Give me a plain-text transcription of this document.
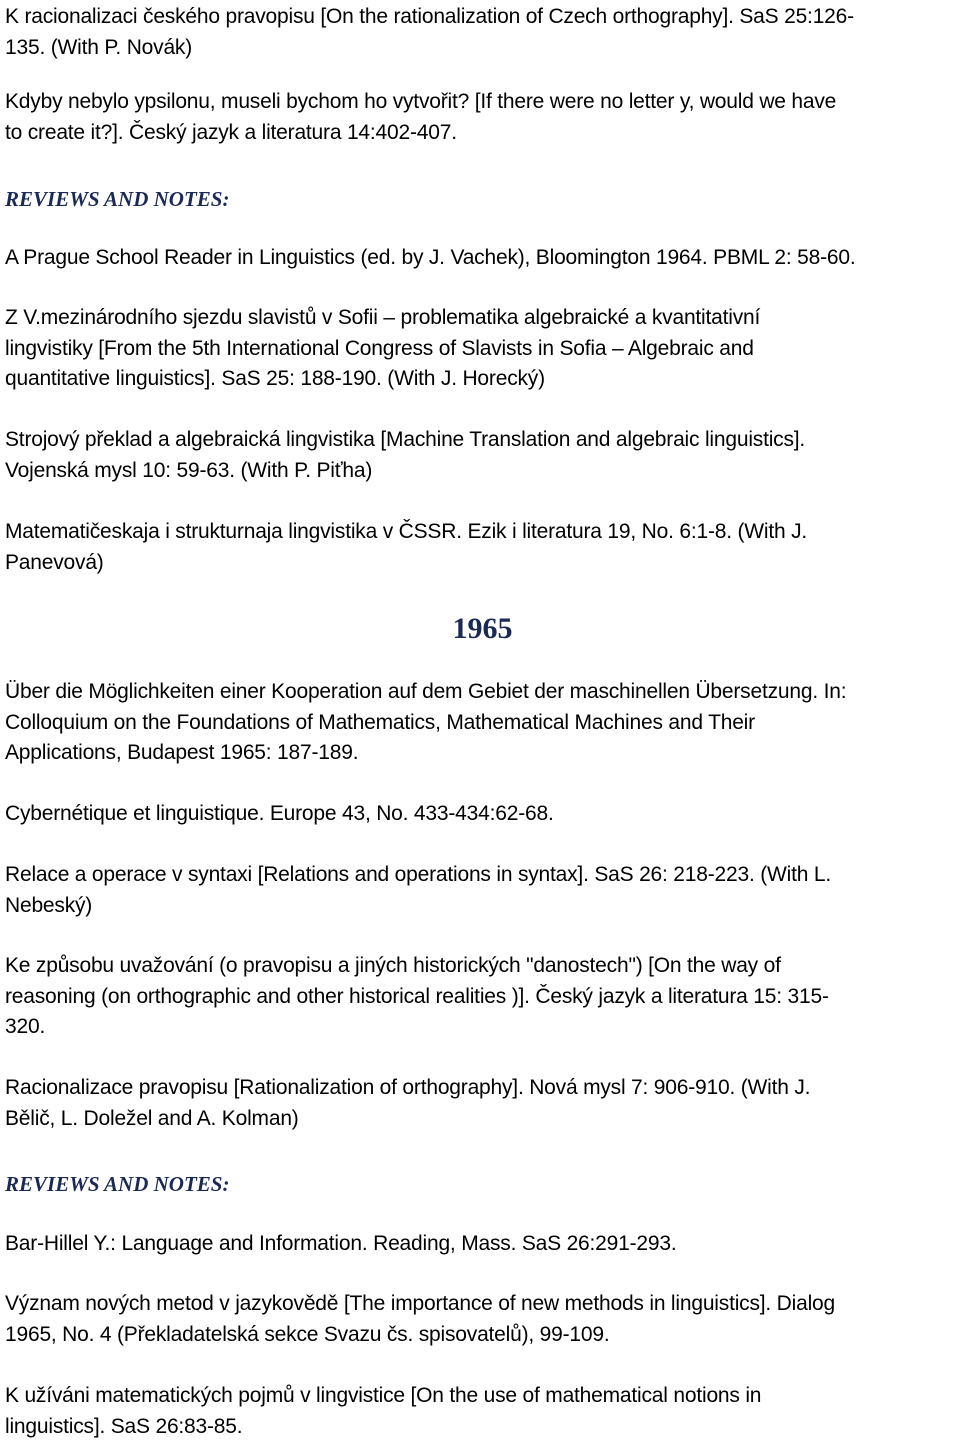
K racionalizaci českého pravopisu [On the rationalization of Czech orthography]. SaS 25:126-
135. (With P. Novák)
Kdyby nebylo ypsilonu, museli bychom ho vytvořit? [If there were no letter y, would we have
to create it?]. Český jazyk a literatura 14:402-407.
REVIEWS AND NOTES:
A Prague School Reader in Linguistics (ed. by J. Vachek), Bloomington 1964. PBML 2: 58-60.
Z V.mezinárodního sjezdu slavistů v Sofii – problematika algebraické a kvantitativní
lingvistiky [From the 5th International Congress of Slavists in Sofia – Algebraic and
quantitative linguistics]. SaS 25: 188-190. (With J. Horecký)
Strojový překlad a algebraická lingvistika [Machine Translation and algebraic linguistics].
Vojenská mysl 10: 59-63. (With P. Piťha)
Matematičeskaja i strukturnaja lingvistika v ČSSR. Ezik i literatura 19, No. 6:1-8. (With J.
Panevová)
1965
Über die Möglichkeiten einer Kooperation auf dem Gebiet der maschinellen Übersetzung. In:
Colloquium on the Foundations of Mathematics, Mathematical Machines and Their
Applications, Budapest 1965: 187-189.
Cybernétique et linguistique. Europe 43, No. 433-434:62-68.
Relace a operace v syntaxi [Relations and operations in syntax]. SaS 26: 218-223. (With L.
Nebeský)
Ke způsobu uvažování (o pravopisu a jiných historických "danostech") [On the way of
reasoning (on orthographic and other historical realities )]. Český jazyk a literatura 15: 315-
320.
Racionalizace pravopisu [Rationalization of orthography]. Nová mysl 7: 906-910. (With J.
Bělič, L. Doležel and A. Kolman)
REVIEWS AND NOTES:
Bar-Hillel Y.: Language and Information. Reading, Mass. SaS 26:291-293.
Význam nových metod v jazykovědě [The importance of new methods in linguistics]. Dialog
1965, No. 4 (Překladatelská sekce Svazu čs. spisovatelů), 99-109.
K užíváni matematických pojmů v lingvistice [On the use of mathematical notions in
linguistics]. SaS 26:83-85.
